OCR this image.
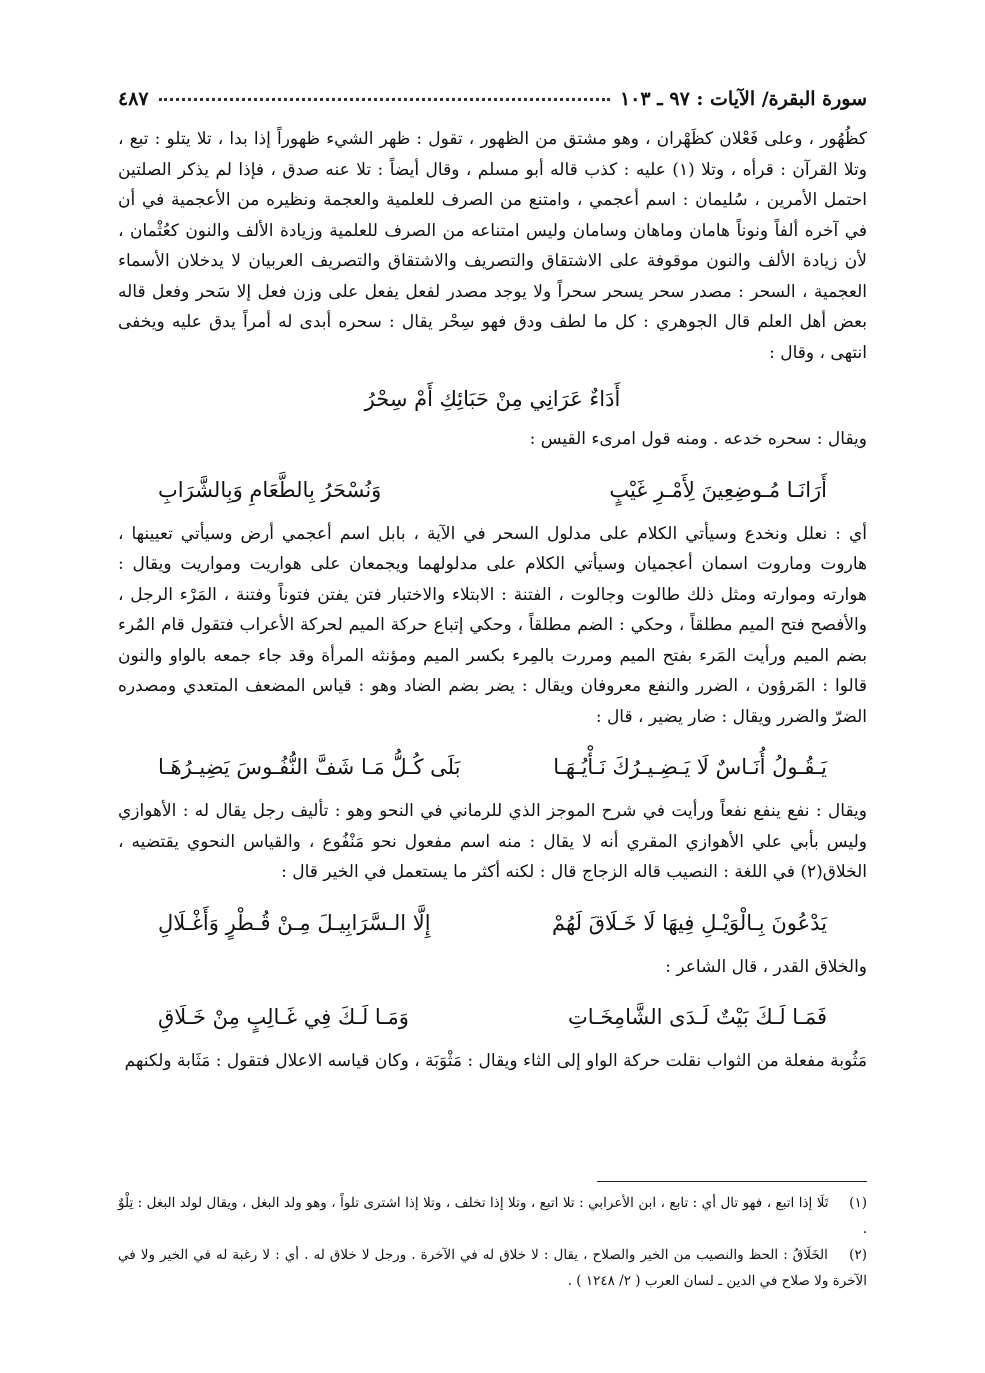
سورة البقرة/ الآيات : ٩٧ ـ ١٠٣
٤٨٧

كظُهُور ، وعلى فَعْلان كظَهْران ، وهو مشتق من الظهور ، تقول : ظهر الشيء ظهوراً إذا بدا ، تلا يتلو : تبع ، وتلا القرآن : قرأه ، وتلا (١) عليه : كذب قاله أبو مسلم ، وقال أيضاً : تلا عنه صدق ، فإذا لم يذكر الصلتين احتمل الأمرين ، سُليمان : اسم أعجمي ، وامتنع من الصرف للعلمية والعجمة ونظيره من الأعجمية في أن في آخره ألفاً ونوناً هامان وماهان وسامان وليس امتناعه من الصرف للعلمية وزيادة الألف والنون كعُثْمان ، لأن زيادة الألف والنون موقوفة على الاشتقاق والتصريف والاشتقاق والتصريف العربيان لا يدخلان الأسماء العجمية ، السحر : مصدر سحر يسحر سحراً ولا يوجد مصدر لفعل يفعل على وزن فعل إلا سَحر وفعل قاله بعض أهل العلم قال الجوهري : كل ما لطف ودق فهو سِحْر يقال : سحره أبدى له أمراً يدق عليه ويخفى انتهى ، وقال :

أَدَاءٌ عَرَانِي مِنْ حَبَائِكِ أَمْ سِحْرُ

ويقال : سحره خدعه . ومنه قول امرىء القيس :

أَرَانَـا مُـوضِعِينَ لِأَمْـرِ غَيْبٍ
وَنُسْحَرُ بِالطَّعَامِ وَبِالشَّرَابِ

أي : نعلل ونخدع وسيأتي الكلام على مدلول السحر في الآية ، بابل اسم أعجمي أرض وسيأتي تعيينها ، هاروت وماروت اسمان أعجميان وسيأتي الكلام على مدلولهما ويجمعان على هواريت ومواريت ويقال : هوارته وموارته ومثل ذلك طالوت وجالوت ، الفتنة : الابتلاء والاختبار فتن يفتن فتوناً وفتنة ، المَرْء الرجل ، والأفصح فتح الميم مطلقاً ، وحكي : الضم مطلقاً ، وحكي إتباع حركة الميم لحركة الأعراب فتقول قام المُرء بضم الميم ورأيت المَرء بفتح الميم ومررت بالمِرء بكسر الميم ومؤنثه المرأة وقد جاء جمعه بالواو والنون قالوا : المَرؤون ، الضرر والنفع معروفان ويقال : يضر بضم الضاد وهو : قياس المضعف المتعدي ومصدره الضرّ والضرر ويقال : ضار يضير ، قال :

يَـقُـولُ أُنَـاسٌ لَا يَـضِـيـرُكَ نَـأْيُـهَـا
بَلَى كُـلُّ مَـا شَفَّ النُّفُـوسَ يَضِيـرُهَـا

ويقال : نفع ينفع نفعاً ورأيت في شرح الموجز الذي للرماني في النحو وهو : تأليف رجل يقال له : الأهوازي وليس بأبي علي الأهوازي المقري أنه لا يقال : منه اسم مفعول نحو مَنْفُوع ، والقياس النحوي يقتضيه ، الخلاق(٢) في اللغة : النصيب قاله الزجاج قال : لكنه أكثر ما يستعمل في الخير قال :

يَدْعُونَ بِـالْوَيْـلِ فِيهَا لَا خَـلَاقَ لَهُمْ
إِلَّا الـسَّرَابِيـلَ مِـنْ قُـطْرٍ وَأَغْـلَالِ

والخلاق القدر ، قال الشاعر :

فَمَـا لَـكَ بَيْتٌ لَـدَى الشَّامِخَـاتِ
وَمَـا لَـكَ فِي غَـالِبٍ مِنْ خَـلَاقِ

مَثُوبة مفعلة من الثواب نقلت حركة الواو إلى الثاء ويقال : مَثْوَبَة ، وكان قياسه الاعلال فتقول : مَثَابة ولكنهم

(١) تَلَا إذا اتبع ، فهو تال أي : تابع ، ابن الأعرابي : تلا اتبع ، وتلا إذا تخلف ، وتلا إذا اشترى تلواً ، وهو ولد البغل ، ويقال لولد البغل : تِلْوٌ .

(٢) الخَلَاقُ : الحظ والنصيب من الخير والصلاح ، يقال : لا خلاق له في الآخرة . ورجل لا خلاق له . أي : لا رغبة له في الخير ولا في الآخرة ولا صلاح في الدين ـ لسان العرب ( ٢/ ١٢٤٨ ) .
